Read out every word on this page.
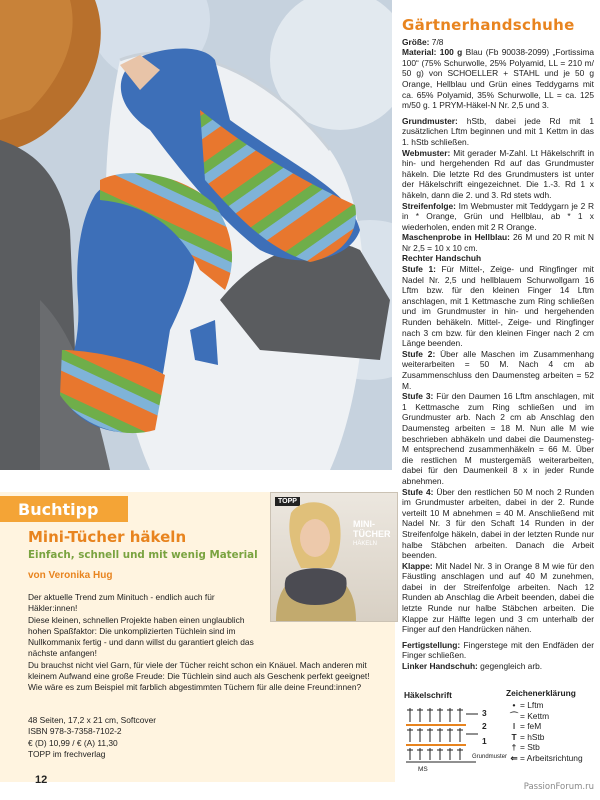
Gärtnerhandschuhe

Größe: 7/8

Material: 100 g Blau (Fb 90038-2099) „Fortissima 100“ (75% Schurwolle, 25% Polyamid, LL = 210 m/ 50 g) von SCHOELLER + STAHL und je 50 g Orange, Hellblau und Grün eines Teddygarns mit ca. 65% Polyamid, 35% Schurwolle, LL = ca. 125 m/50 g. 1 PRYM-Häkel-N Nr. 2,5 und 3.

Grundmuster: hStb, dabei jede Rd mit 1 zusätzlichen Lftm beginnen und mit 1 Kettm in das 1. hStb schließen.

Webmuster: Mit gerader M-Zahl. Lt Häkelschrift in hin- und hergehenden Rd auf das Grundmuster häkeln. Die letzte Rd des Grundmusters ist unter der Häkelschrift eingezeichnet. Die 1.-3. Rd 1 x häkeln, dann die 2. und 3. Rd stets wdh.

Streifenfolge: Im Webmuster mit Teddygarn je 2 R in * Orange, Grün und Hellblau, ab * 1 x wiederholen, enden mit 2 R Orange.

Maschenprobe in Hellblau: 26 M und 20 R mit N Nr 2,5 = 10 x 10 cm.

Rechter Handschuh

Stufe 1: Für Mittel-, Zeige- und Ringfinger mit Nadel Nr. 2,5 und hellblauem Schurwollgarn 16 Lftm bzw. für den kleinen Finger 14 Lftm anschlagen, mit 1 Kettmasche zum Ring schließen und im Grundmuster in hin- und hergehenden Runden behäkeln. Mittel-, Zeige- und Ringfinger nach 3 cm bzw. für den kleinen Finger nach 2 cm Länge beenden.

Stufe 2: Über alle Maschen im Zusammenhang weiterarbeiten = 50 M. Nach 4 cm ab Zusammenschluss den Daumensteg arbeiten = 52 M.

Stufe 3: Für den Daumen 16 Lftm anschlagen, mit 1 Kettmasche zum Ring schließen und im Grundmuster arb. Nach 2 cm ab Anschlag den Daumensteg arbeiten = 18 M. Nun alle M wie beschrieben abhäkeln und dabei die Daumensteg-M entsprechend zusammenhäkeln = 66 M. Über die restlichen M mustergemäß weiterarbeiten, dabei für den Daumenkeil 8 x in jeder Runde abnehmen.

Stufe 4: Über den restlichen 50 M noch 2 Runden im Grundmuster arbeiten, dabei in der 2. Runde verteilt 10 M abnehmen = 40 M. Anschließend mit Nadel Nr. 3 für den Schaft 14 Runden in der Streifenfolge häkeln, dabei in der letzten Runde nur halbe Stäbchen arbeiten. Danach die Arbeit beenden.

Klappe: Mit Nadel Nr. 3 in Orange 8 M wie für den Fäustling anschlagen und auf 40 M zunehmen, dabei in der Streifenfolge arbeiten. Nach 12 Runden ab Anschlag die Arbeit beenden, dabei die letzte Runde nur halbe Stäbchen arbeiten. Die Klappe zur Hälfte legen und 3 cm unterhalb der Finger auf den Handrücken nähen.

Fertigstellung: Fingerstege mit den Endfäden der Finger schließen.

Linker Handschuh: gegengleich arb.

Häkelschrift	Zeichenerklärung
3
2
1
Grundmuster
MS
• = Lftm
⌒ = Kettm
ǀ = feM
T = hStb
† = Stb
⇐ = Arbeitsrichtung
Buchtipp
Mini-Tücher häkeln
Einfach, schnell und mit wenig Material
von Veronika Hug

Der aktuelle Trend zum Minituch - endlich auch für Häkler:innen!

Diese kleinen, schnellen Projekte haben einen unglaublich hohen Spaßfaktor: Die unkomplizierten Tüchlein sind im Nullkommanix fertig - und dann willst du garantiert gleich das nächste anfangen!

Du brauchst nicht viel Garn, für viele der Tücher reicht schon ein Knäuel. Mach anderen mit kleinem Aufwand eine große Freude: Die Tüchlein sind auch als Geschenk perfekt geeignet! Wie wäre es zum Beispiel mit farblich abgestimmten Tüchern für alle deine Freund:innen?

48 Seiten, 17,2 x 21 cm, Softcover

ISBN 978-3-7358-7102-2

€ (D) 10,99 / € (A) 11,30

TOPP im frechverlag

TOPP
MINI-
TÜCHER
HÄKELN
12
PassionForum.ru
